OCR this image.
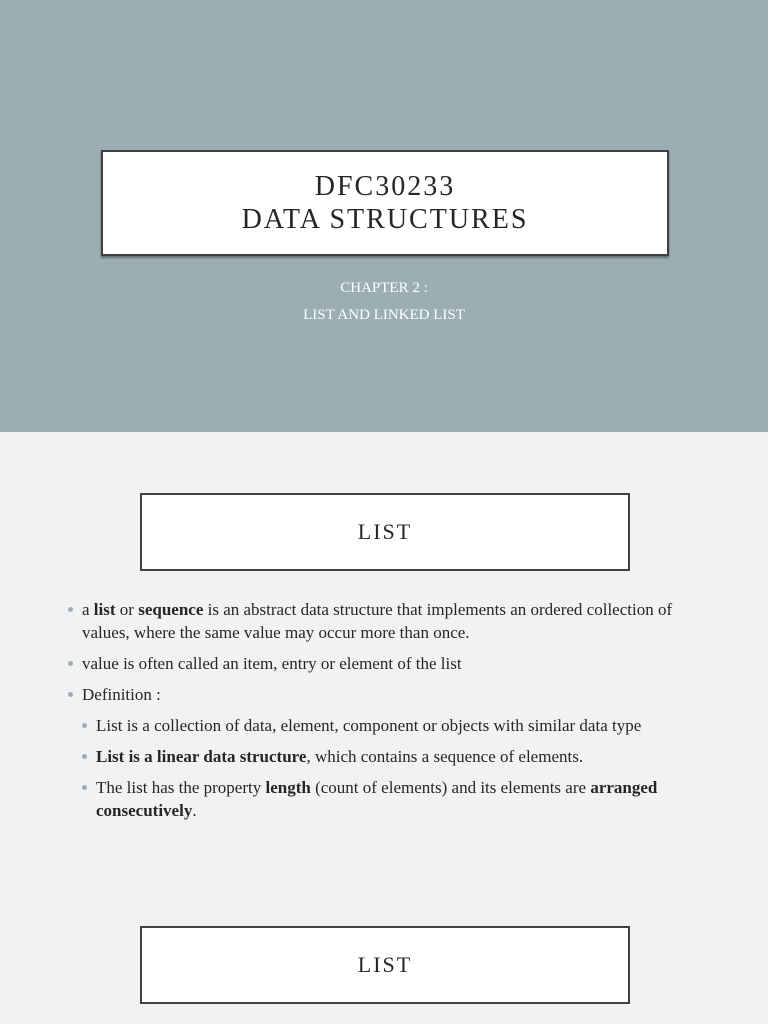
DFC30233
DATA STRUCTURES
CHAPTER 2 :
LIST AND LINKED LIST
LIST
a list or sequence is an abstract data structure that implements an ordered collection of values, where the same value may occur more than once.
value is often called an item, entry or element of the list
Definition :
List is a collection of data, element, component or objects with similar data type
List is a linear data structure, which contains a sequence of elements.
The list has the property length (count of elements) and its elements are arranged consecutively.
LIST
